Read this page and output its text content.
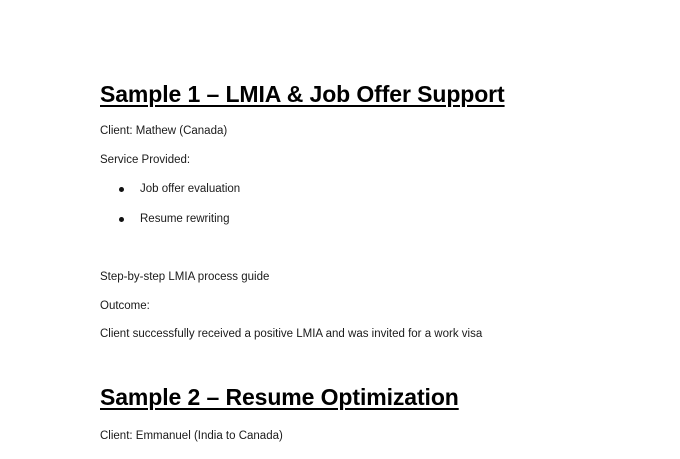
Sample 1 – LMIA & Job Offer Support

Client: Mathew (Canada)

Service Provided:

Job offer evaluation
Resume rewriting

Step-by-step LMIA process guide

Outcome:

Client successfully received a positive LMIA and was invited for a work visa

Sample 2 – Resume Optimization

Client: Emmanuel (India to Canada)
